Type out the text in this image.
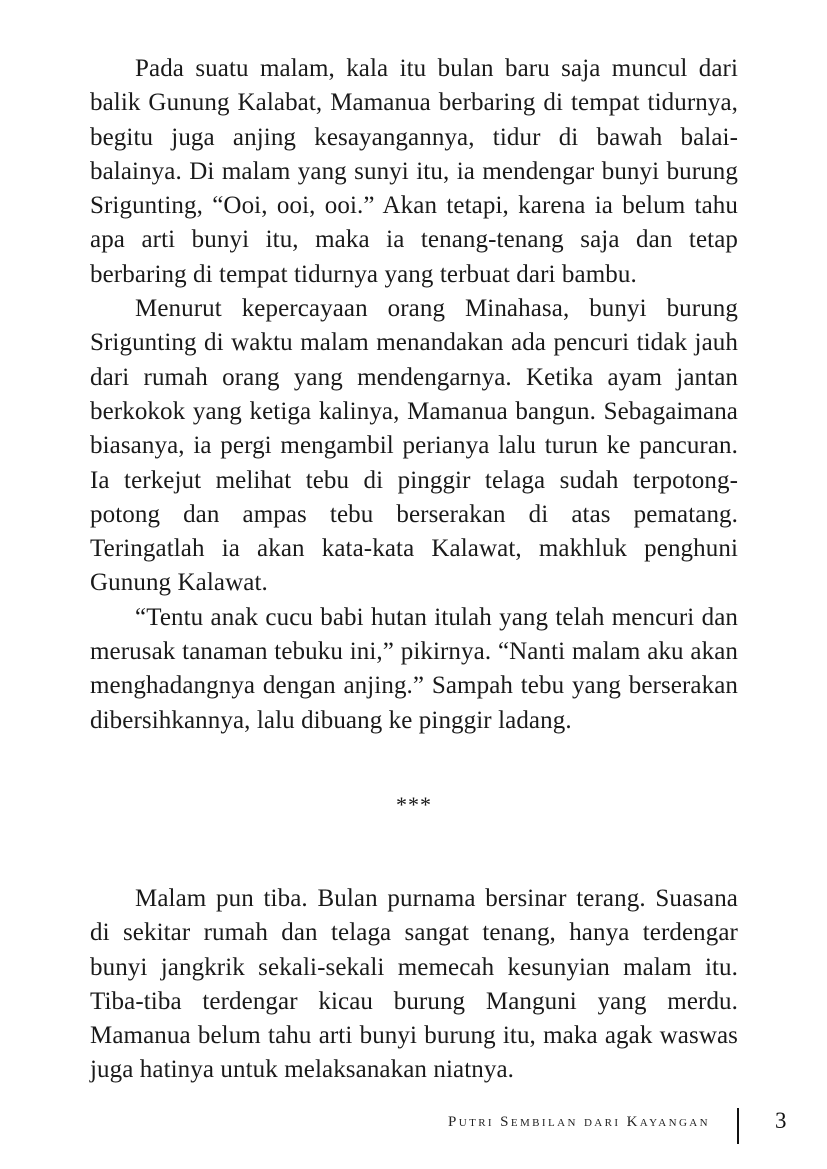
Pada suatu malam, kala itu bulan baru saja muncul dari balik Gunung Kalabat, Mamanua berbaring di tempat tidurnya, begitu juga anjing kesayangannya, tidur di bawah balai-balainya. Di malam yang sunyi itu, ia mendengar bunyi burung Srigunting, “Ooi, ooi, ooi.” Akan tetapi, karena ia belum tahu apa arti bunyi itu, maka ia tenang-tenang saja dan tetap berbaring di tempat tidurnya yang terbuat dari bambu.

Menurut kepercayaan orang Minahasa, bunyi burung Srigunting di waktu malam menandakan ada pencuri tidak jauh dari rumah orang yang mendengarnya. Ketika ayam jantan berkokok yang ketiga kalinya, Mamanua bangun. Sebagaimana biasanya, ia pergi mengambil perianya lalu turun ke pancuran. Ia terkejut melihat tebu di pinggir telaga sudah terpotong-potong dan ampas tebu berserakan di atas pematang. Teringatlah ia akan kata-kata Kalawat, makhluk penghuni Gunung Kalawat.

“Tentu anak cucu babi hutan itulah yang telah mencuri dan merusak tanaman tebuku ini,” pikirnya. “Nanti malam aku akan menghadangnya dengan anjing.” Sampah tebu yang berserakan dibersihkannya, lalu dibuang ke pinggir ladang.

***

Malam pun tiba. Bulan purnama bersinar terang. Suasana di sekitar rumah dan telaga sangat tenang, hanya terdengar bunyi jangkrik sekali-sekali memecah kesunyian malam itu. Tiba-tiba terdengar kicau burung Manguni yang merdu. Mamanua belum tahu arti bunyi burung itu, maka agak waswas juga hatinya untuk melaksanakan niatnya.

Putri Sembilan dari Kayangan	3
